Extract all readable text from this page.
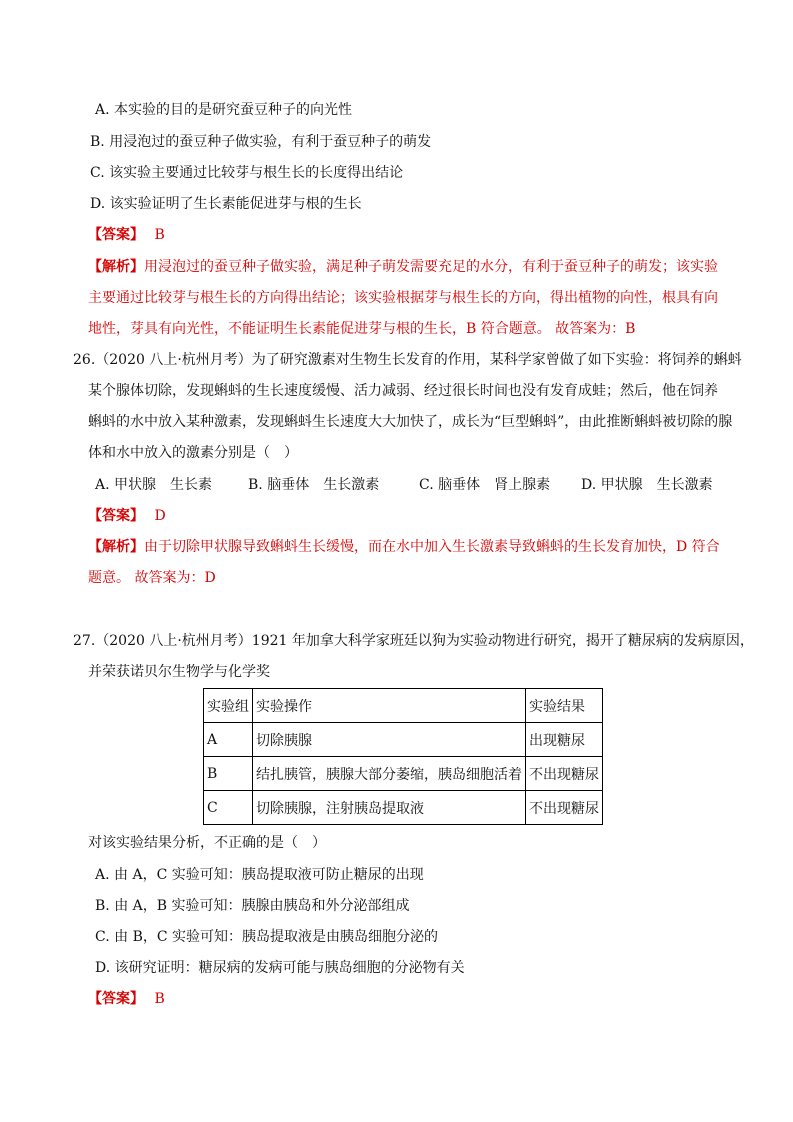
A. 本实验的目的是研究蚕豆种子的向光性
B. 用浸泡过的蚕豆种子做实验，有利于蚕豆种子的萌发
C. 该实验主要通过比较芽与根生长的长度得出结论
D. 该实验证明了生长素能促进芽与根的生长
【答案】 B
【解析】用浸泡过的蚕豆种子做实验，满足种子萌发需要充足的水分，有利于蚕豆种子的萌发；该实验
主要通过比较芽与根生长的方向得出结论；该实验根据芽与根生长的方向，得出植物的向性，根具有向
地性，芽具有向光性，不能证明生长素能促进芽与根的生长，B 符合题意。 故答案为：B
26.（2020 八上·杭州月考）为了研究激素对生物生长发育的作用，某科学家曾做了如下实验：将饲养的蝌蚪
某个腺体切除，发现蝌蚪的生长速度缓慢、活力减弱、经过很长时间也没有发育成蛙；然后，他在饲养
蝌蚪的水中放入某种激素，发现蝌蚪生长速度大大加快了，成长为“巨型蝌蚪”，由此推断蝌蚪被切除的腺
体和水中放入的激素分别是（　）
A. 甲状腺　生长素	B. 脑垂体　生长激素	C. 脑垂体　肾上腺素 D. 甲状腺　生长激素
【答案】 D
【解析】由于切除甲状腺导致蝌蚪生长缓慢，而在水中加入生长激素导致蝌蚪的生长发育加快，D 符合
题意。 故答案为：D
27.（2020 八上·杭州月考）1921 年加拿大科学家班廷以狗为实验动物进行研究，揭开了糖尿病的发病原因，
并荣获诺贝尔生物学与化学奖
实验组	实验操作	实验结果
A	切除胰腺	出现糖尿
B	结扎胰管，胰腺大部分萎缩，胰岛细胞活着	不出现糖尿
C	切除胰腺，注射胰岛提取液	不出现糖尿
对该实验结果分析，不正确的是（　）
A. 由 A，C 实验可知：胰岛提取液可防止糖尿的出现
B. 由 A，B 实验可知：胰腺由胰岛和外分泌部组成
C. 由 B，C 实验可知：胰岛提取液是由胰岛细胞分泌的
D. 该研究证明：糖尿病的发病可能与胰岛细胞的分泌物有关
【答案】 B
